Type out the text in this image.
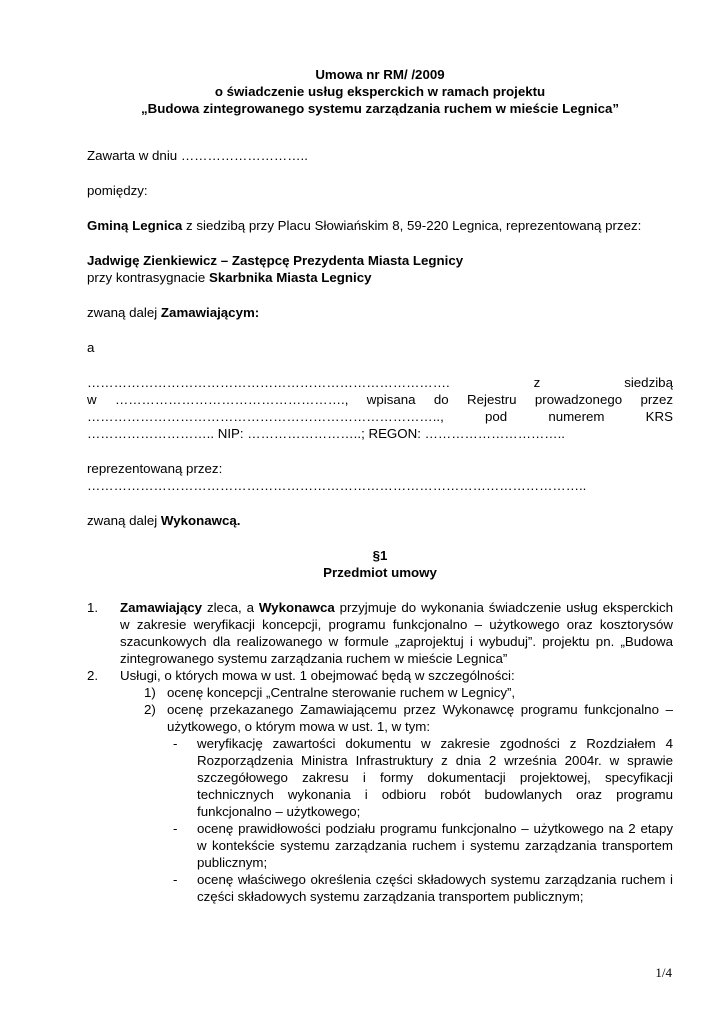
Umowa nr RM/ /2009
o świadczenie usług eksperckich w ramach projektu
„Budowa zintegrowanego systemu zarządzania ruchem w mieście Legnica”

Zawarta w dniu ………………………..

pomiędzy:

Gminą Legnica z siedzibą przy Placu Słowiańskim 8, 59-220 Legnica, reprezentowaną przez:

Jadwigę Zienkiewicz – Zastępcę Prezydenta Miasta Legnicy

przy kontrasygnacie Skarbnika Miasta Legnicy

zwaną dalej Zamawiającym:

a

……………………………………………………………………….	z	siedzibą

w ……………………………………………., wpisana do Rejestru prowadzonego przez

……………………………………………………………………..,	pod	numerem	KRS

……………………….. NIP: ……………………..; REGON: …………………………..

reprezentowaną przez:

…………………………………………………………………………………………………..

zwaną dalej Wykonawcą.

§1
Przedmiot umowy
1. Zamawiający zleca, a Wykonawca przyjmuje do wykonania świadczenie usług eksperckich w zakresie weryfikacji koncepcji, programu funkcjonalno – użytkowego oraz kosztorysów szacunkowych dla realizowanego w formule „zaprojektuj i wybuduj”. projektu pn. „Budowa zintegrowanego systemu zarządzania ruchem w mieście Legnica”
2. Usługi, o których mowa w ust. 1 obejmować będą w szczególności:
1) ocenę koncepcji „Centralne sterowanie ruchem w Legnicy”,
2) ocenę przekazanego Zamawiającemu przez Wykonawcę programu funkcjonalno – użytkowego, o którym mowa w ust. 1, w tym:
- weryfikację zawartości dokumentu w zakresie zgodności z Rozdziałem 4 Rozporządzenia Ministra Infrastruktury z dnia 2 września 2004r. w sprawie szczegółowego zakresu i formy dokumentacji projektowej, specyfikacji technicznych wykonania i odbioru robót budowlanych oraz programu funkcjonalno – użytkowego;
- ocenę prawidłowości podziału programu funkcjonalno – użytkowego na 2 etapy w kontekście systemu zarządzania ruchem i systemu zarządzania transportem publicznym;
- ocenę właściwego określenia części składowych systemu zarządzania ruchem i części składowych systemu zarządzania transportem publicznym;
1/4
